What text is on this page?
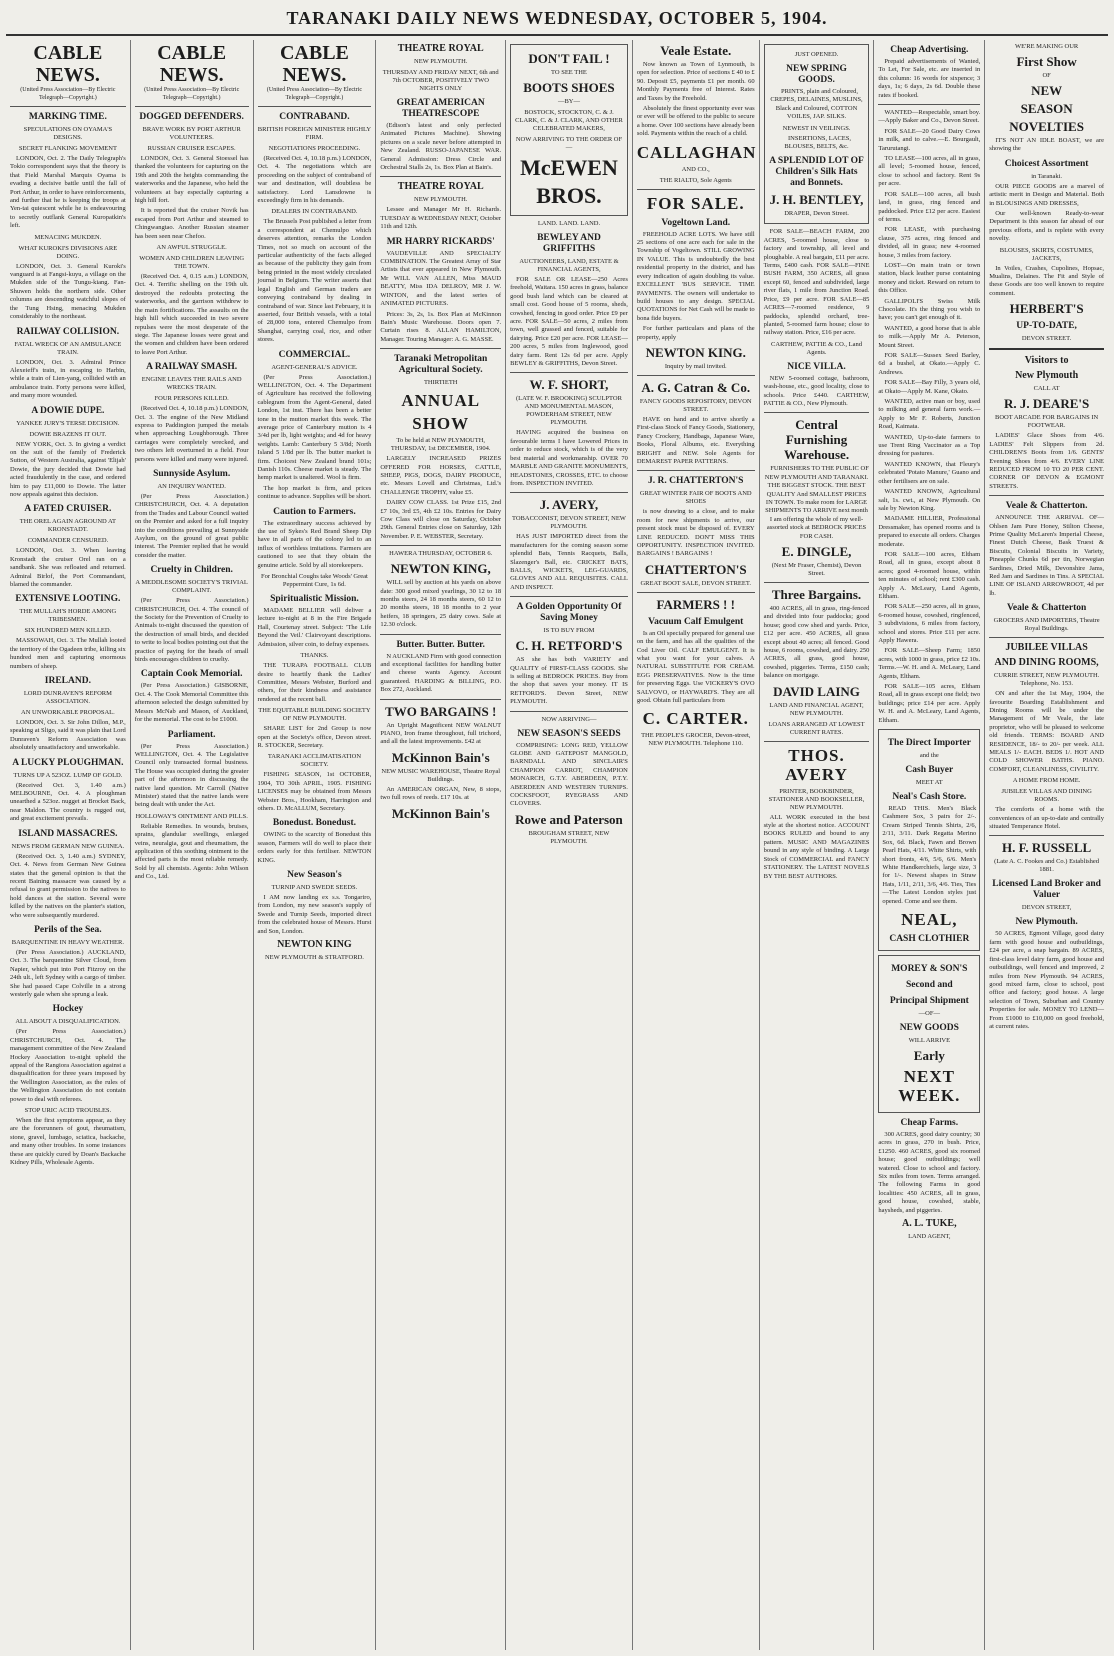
TARANAKI DAILY NEWS WEDNESDAY, OCTOBER 5, 1904.
CABLE NEWS.
(United Press Association—By Electric Telegraph—Copyright.)
MARKING TIME.
SPECULATIONS ON OYAMA'S DESIGNS.
SECRET FLANKING MOVEMENT
LONDON, Oct. 2. The Daily Telegraph's Tokio correspondent says that the theory is that Field Marshal Marquis Oyama is evading a decisive battle until the fall of Port Arthur, in order to have reinforcements, and further that he is keeping the troops at Yen-tai quiescent while he is endeavouring to secretly outflank General Kuropatkin's left.
MENACING MUKDEN.
WHAT KUROKI'S DIVISIONS ARE DOING.
LONDON, Oct. 3. General Kuroki's vanguard is at Fangsi-kuyu, a village on the Mukden side of the Tungu-kiang. Fan-Shuwen holds the northern side. Other columns are descending watchful slopes of the Tung Hsing, menacing Mukden considerably to the northeast.
RAILWAY COLLISION.
FATAL WRECK OF AN AMBULANCE TRAIN.
LONDON, Oct. 3. Admiral Prince Alexeieff's train, in escaping to Harbin, while a train of Lien-yang, collided with an ambulance train. Forty persons were killed, and many more wounded.
A DOWIE DUPE.
YANKEE JURY'S TERSE DECISION.
DOWIE BRAZENS IT OUT.
NEW YORK, Oct. 3. In giving a verdict on the suit of the family of Frederick Sutton, of Western Australia, against 'Elijah' Dowie, the jury decided that Dowie had acted fraudulently in the case, and ordered him to pay £11,000 to Dowie. The latter now appeals against this decision.
A FATED CRUISER.
THE OREL AGAIN AGROUND AT KRONSTADT.
COMMANDER CENSURED.
LONDON, Oct. 3. When leaving Kronstadt the cruiser Orel ran on a sandbank. She was refloated and returned. Admiral Birlof, the Port Commandant, blamed the commander.
EXTENSIVE LOOTING.
THE MULLAH'S HORDE AMONG TRIBESMEN.
SIX HUNDRED MEN KILLED.
MASSOWAH, Oct. 3. The Mullah looted the territory of the Ogadeen tribe, killing six hundred men and capturing enormous numbers of sheep.
IRELAND.
LORD DUNRAVEN'S REFORM ASSOCIATION.
AN UNWORKABLE PROPOSAL.
LONDON, Oct. 3. Sir John Dillon, M.P., speaking at Sligo, said it was plain that Lord Dunraven's Reform Association was absolutely unsatisfactory and unworkable.
A LUCKY PLOUGHMAN.
TURNS UP A 523OZ. LUMP OF GOLD.
(Received Oct. 3, 1.40 a.m.) MELBOURNE, Oct. 4. A ploughman unearthed a 523oz. nugget at Brocket Back, near Maldon. The country is rugged out, and great excitement prevails.
ISLAND MASSACRES.
NEWS FROM GERMAN NEW GUINEA.
(Received Oct. 3, 1.40 a.m.) SYDNEY, Oct. 4. News from German New Guinea states that the general opinion is that the recent Baining massacre was caused by a refusal to grant permission to the natives to hold dances at the station. Several were killed by the natives on the planter's station, who were subsequently murdered.
Perils of the Sea.
BARQUENTINE IN HEAVY WEATHER.
(Per Press Association.) AUCKLAND, Oct. 3. The barquentine Silver Cloud, from Napier, which put into Port Fitzroy on the 24th ult., left Sydney with a cargo of timber. She had passed Cape Colville in a strong westerly gale when she sprung a leak.
Hockey
ALL ABOUT A DISQUALIFICATION.
(Per Press Association.) CHRISTCHURCH, Oct. 4. The management committee of the New Zealand Hockey Association to-night upheld the appeal of the Rangiora Association against a disqualification for three years imposed by the Wellington Association, as the rules of the Wellington Association do not contain power to deal with referees.
STOP URIC ACID TROUBLES.
When the first symptoms appear, as they are the forerunners of gout, rheumatism, stone, gravel, lumbago, sciatica, backache, and many other troubles. In some instances these are quickly cured by Doan's Backache Kidney Pills, Wholesale Agents.
CABLE NEWS.
(United Press Association—By Electric Telegraph—Copyright.)
DOGGED DEFENDERS.
BRAVE WORK BY PORT ARTHUR VOLUNTEERS.
RUSSIAN CRUISER ESCAPES.
LONDON, Oct. 3. General Stoessel has thanked the volunteers for capturing on the 19th and 20th the heights commanding the waterworks and the Japanese, who held the volunteers at bay especially capturing a high hill fort.
It is reported that the cruiser Novik has escaped from Port Arthur and steamed to Chingwangtao. Another Russian steamer has been seen near Chefoo.
AN AWFUL STRUGGLE.
WOMEN AND CHILDREN LEAVING THE TOWN.
(Received Oct. 4, 0.15 a.m.) LONDON, Oct. 4. Terrific shelling on the 19th ult. destroyed the redoubts protecting the waterworks, and the garrison withdrew to the main fortifications. The assaults on the high hill which succeeded in two severe repulses were the most desperate of the siege. The Japanese losses were great and the women and children have been ordered to leave Port Arthur.
A RAILWAY SMASH.
ENGINE LEAVES THE RAILS AND WRECKS TRAIN.
FOUR PERSONS KILLED.
(Received Oct. 4, 10.18 p.m.) LONDON, Oct. 3. The engine of the New Midland express to Paddington jumped the metals when approaching Loughborough. Three carriages were completely wrecked, and two others left overturned in a field. Four persons were killed and many were injured.
Sunnyside Asylum.
AN INQUIRY WANTED.
(Per Press Association.) CHRISTCHURCH, Oct. 4. A deputation from the Trades and Labour Council waited on the Premier and asked for a full inquiry into the conditions prevailing at Sunnyside Asylum, on the ground of great public interest. The Premier replied that he would consider the matter.
Cruelty in Children.
A MEDDLESOME SOCIETY'S TRIVIAL COMPLAINT.
(Per Press Association.) CHRISTCHURCH, Oct. 4. The council of the Society for the Prevention of Cruelty to Animals to-night discussed the question of the destruction of small birds, and decided to write to local bodies pointing out that the practice of paying for the heads of small birds encourages children to cruelty.
Captain Cook Memorial.
(Per Press Association.) GISBORNE, Oct. 4. The Cook Memorial Committee this afternoon selected the design submitted by Messrs McNab and Mason, of Auckland, for the memorial. The cost to be £1000.
Parliament.
(Per Press Association.) WELLINGTON, Oct. 4. The Legislative Council only transacted formal business. The House was occupied during the greater part of the afternoon in discussing the native land question. Mr Carroll (Native Minister) stated that the native lands were being dealt with under the Act.
HOLLOWAY'S OINTMENT AND PILLS.
Reliable Remedies. In wounds, bruises, sprains, glandular swellings, enlarged veins, neuralgia, gout and rheumatism, the application of this soothing ointment to the affected parts is the most reliable remedy. Sold by all chemists. Agents: John Wilson and Co., Ltd.
CABLE NEWS.
(United Press Association—By Electric Telegraph—Copyright.)
CONTRABAND.
BRITISH FOREIGN MINISTER HIGHLY FIRM.
NEGOTIATIONS PROCEEDING.
(Received Oct. 4, 10.18 p.m.) LONDON, Oct. 4. The negotiations which are proceeding on the subject of contraband of war and destination, will doubtless be satisfactory. Lord Lansdowne is exceedingly firm in his demands.
DEALERS IN CONTRABAND.
The Brussels Post published a letter from a correspondent at Chemulpo which deserves attention, remarks the London Times, not so much on account of the particular authenticity of the facts alleged as because of the publicity they gain from being printed in the most widely circulated journal in Belgium. The writer asserts that legal English and German traders are conveying contraband by dealing in contraband of war. Since last February, it is asserted, four British vessels, with a total of 28,000 tons, entered Chemulpo from Shanghai, carrying coal, rice, and other stores.
COMMERCIAL.
AGENT-GENERAL'S ADVICE.
(Per Press Association.) WELLINGTON, Oct. 4. The Department of Agriculture has received the following cablegram from the Agent-General, dated London, 1st inst. There has been a better tone in the mutton market this week. The average price of Canterbury mutton is 4 3/4d per lb, light weights; and 4d for heavy weights. Lamb: Canterbury 5 3/8d; North Island 5 1/8d per lb. The butter market is firm. Choicest New Zealand brand 101s; Danish 110s. Cheese market is steady. The hemp market is unaltered. Wool is firm.
The hop market is firm, and prices continue to advance. Supplies will be short.
Caution to Farmers.
The extraordinary success achieved by the use of Sykes's Red Brand Sheep Dip have in all parts of the colony led to an influx of worthless imitations. Farmers are cautioned to see that they obtain the genuine article. Sold by all storekeepers.
For Bronchial Coughs take Woods' Great Peppermint Cure, 1s 6d.
Spiritualistic Mission.
MADAME BELLIER will deliver a lecture to-night at 8 in the Fire Brigade Hall, Courtenay street. Subject: 'The Life Beyond the Veil.' Clairvoyant descriptions. Admission, silver coin, to defray expenses.
THANKS.
THE TURAPA FOOTBALL CLUB desire to heartily thank the Ladies' Committee, Messrs Webster, Burford and others, for their kindness and assistance rendered at the recent ball.
THE EQUITABLE BUILDING SOCIETY OF NEW PLYMOUTH.
SHARE LIST for 2nd Group is now open at the Society's office, Devon street. R. STOCKER, Secretary.
TARANAKI ACCLIMATISATION SOCIETY.
FISHING SEASON, 1st OCTOBER, 1904, TO 30th APRIL, 1905. FISHING LICENSES may be obtained from Messrs Webster Bros., Hookham, Harrington and others. D. McALLUM, Secretary.
Bonedust. Bonedust.
OWING to the scarcity of Bonedust this season, Farmers will do well to place their orders early for this fertiliser. NEWTON KING.
New Season's
TURNIP AND SWEDE SEEDS.
I AM now landing ex s.s. Tongariro, from London, my new season's supply of Swede and Turnip Seeds, imported direct from the celebrated house of Messrs. Hurst and Son, London.
NEWTON KING
NEW PLYMOUTH & STRATFORD.
THEATRE ROYAL
NEW PLYMOUTH.
THURSDAY AND FRIDAY NEXT, 6th and 7th OCTOBER, POSITIVELY TWO NIGHTS ONLY
GREAT AMERICAN THEATRESCOPE
(Edison's latest and only perfected Animated Pictures Machine). Showing pictures on a scale never before attempted in New Zealand. RUSSO-JAPANESE WAR. General Admission: Dress Circle and Orchestral Stalls 2s, 1s. Box Plan at Bain's.
THEATRE ROYAL
NEW PLYMOUTH.
Lessee and Manager Mr H. Richards. TUESDAY & WEDNESDAY NEXT, October 11th and 12th.
MR HARRY RICKARDS'
VAUDEVILLE AND SPECIALTY COMBINATION. The Greatest Array of Star Artists that ever appeared in New Plymouth. Mr WILL VAN ALLEN, Miss MAUD BEATTY, Miss IDA DELROY, MR J. W. WINTON, and the latest series of ANIMATED PICTURES.
Prices: 3s, 2s, 1s. Box Plan at McKinnon Bain's Music Warehouse. Doors open 7. Curtain rises 8. ALLAN HAMILTON, Manager. Touring Manager: A. G. MASSE.
Taranaki Metropolitan Agricultural Society.
THIRTIETH
ANNUAL
SHOW
To be held at NEW PLYMOUTH, THURSDAY, 1st DECEMBER, 1904.
LARGELY INCREASED PRIZES OFFERED FOR HORSES, CATTLE, SHEEP, PIGS, DOGS, DAIRY PRODUCE, etc. Messrs Lovell and Christmas, Ltd.'s CHALLENGE TROPHY, value £5.
DAIRY COW CLASS. 1st Prize £15, 2nd £7 10s, 3rd £5, 4th £2 10s. Entries for Dairy Cow Class will close on Saturday, October 29th. General Entries close on Saturday, 12th November. P. E. WEBSTER, Secretary.
HAWERA THURSDAY, OCTOBER 6.
NEWTON KING,
WILL sell by auction at his yards on above date: 300 good mixed yearlings, 30 12 to 18 months steers, 24 18 months steers, 60 12 to 20 months steers, 18 18 months to 2 year heifers, 18 springers, 25 dairy cows. Sale at 12.30 o'clock.
Butter. Butter. Butter.
N AUCKLAND Firm with good connection and exceptional facilities for handling butter and cheese wants Agency. Account guaranteed. HARDING & BILLING, P.O. Box 272, Auckland.
TWO BARGAINS !
An Upright Magnificent NEW WALNUT PIANO, Iron frame throughout, full trichord, and all the latest improvements. £42 at
McKinnon Bain's
NEW MUSIC WAREHOUSE, Theatre Royal Buildings.
An AMERICAN ORGAN, New, 8 stops, two full rows of reeds. £17 10s. at
McKinnon Bain's
DON'T FAIL !
TO SEE THE
BOOTS SHOES
—BY—
BOSTOCK, STOCKTON, C. & J. CLARK, C. & J. CLARK, AND OTHER CELEBRATED MAKERS,
NOW ARRIVING TO THE ORDER OF—
McEWEN
BROS.
LAND. LAND. LAND.
BEWLEY AND GRIFFITHS
AUCTIONEERS, LAND, ESTATE & FINANCIAL AGENTS,
FOR SALE OR LEASE—250 Acres freehold, Waitara. 150 acres in grass, balance good bush land which can be cleared at small cost. Good house of 5 rooms, sheds, cowshed, fencing in good order. Price £9 per acre. FOR SALE—50 acres, 2 miles from town, well grassed and fenced, suitable for dairying. Price £20 per acre. FOR LEASE—200 acres, 5 miles from Inglewood, good dairy farm. Rent 12s 6d per acre. Apply BEWLEY & GRIFFITHS, Devon Street.
W. F. SHORT,
(LATE W. F. BROOKING) SCULPTOR AND MONUMENTAL MASON, POWDERHAM STREET, NEW PLYMOUTH.
HAVING acquired the business on favourable terms I have Lowered Prices in order to reduce stock, which is of the very best material and workmanship. OVER 70 MARBLE AND GRANITE MONUMENTS, HEADSTONES, CROSSES, ETC. to choose from. INSPECTION INVITED.
J. AVERY,
TOBACCONIST, DEVON STREET, NEW PLYMOUTH.
HAS JUST IMPORTED direct from the manufacturers for the coming season some splendid Bats, Tennis Racquets, Balls, Slazenger's Ball, etc. CRICKET BATS, BALLS, WICKETS, LEG-GUARDS, GLOVES AND ALL REQUISITES. CALL AND INSPECT.
A Golden Opportunity Of Saving Money
IS TO BUY FROM
C. H. RETFORD'S
AS she has both VARIETY and QUALITY of FIRST-CLASS GOODS. She is selling at BEDROCK PRICES. Buy from the shop that saves your money. IT IS RETFORD'S. Devon Street, NEW PLYMOUTH.
NOW ARRIVING—
NEW SEASON'S SEEDS
COMPRISING: LONG RED, YELLOW GLOBE AND GATEPOST MANGOLD, BARNDALL AND SINCLAIR'S CHAMPION CARROT, CHAMPION MONARCH, G.T.Y. ABERDEEN, P.T.Y. ABERDEEN AND WESTERN TURNIPS. COCKSFOOT, RYEGRASS AND CLOVERS.
Rowe and Paterson
BROUGHAM STREET, NEW PLYMOUTH.
Veale Estate.
Now known as Town of Lynmouth, is open for selection. Price of sections £ 40 to £ 90. Deposit £5, payments £1 per month. 60 Monthly Payments free of Interest. Rates and Taxes by the Freehold.
Absolutely the finest opportunity ever was or ever will be offered to the public to secure a home. Over 100 sections have already been sold. Payments within the reach of a child.
CALLAGHAN
AND CO.,
THE RIALTO, Sole Agents
FOR SALE.
Vogeltown Land.
FREEHOLD ACRE LOTS. We have still 25 sections of one acre each for sale in the Township of Vogeltown. STILL GROWING IN VALUE. This is undoubtedly the best residential property in the district, and has every indication of again doubling its value. EXCELLENT 'BUS SERVICE. TIME PAYMENTS. The owners will undertake to build houses to any design. SPECIAL QUOTATIONS for Net Cash will be made to bona fide buyers.
For further particulars and plans of the property, apply
NEWTON KING.
Inquiry by mail invited.
A. G. Catran & Co.
FANCY GOODS REPOSITORY, DEVON STREET.
HAVE on hand and to arrive shortly a First-class Stock of Fancy Goods, Stationery, Fancy Crockery, Handbags, Japanese Ware, Books, Floral Albums, etc. Everything BRIGHT and NEW. Sole Agents for DEMAREST PAPER PATTERNS.
J. R. CHATTERTON'S
GREAT WINTER FAIR OF BOOTS AND SHOES
is now drawing to a close, and to make room for new shipments to arrive, our present stock must be disposed of. EVERY LINE REDUCED. DON'T MISS THIS OPPORTUNITY. INSPECTION INVITED. BARGAINS ! BARGAINS !
CHATTERTON'S
GREAT BOOT SALE, DEVON STREET.
FARMERS ! !
Vacuum Calf Emulgent
Is an Oil specially prepared for general use on the farm, and has all the qualities of the Cod Liver Oil. CALF EMULGENT. It is what you want for your calves. A NATURAL SUBSTITUTE FOR CREAM. EGG PRESERVATIVES. Now is the time for preserving Eggs. Use VICKERY'S OVO SALVOVO, or HAYWARD'S. They are all good. Obtain full particulars from
C. CARTER.
THE PEOPLE'S GROCER, Devon-street, NEW PLYMOUTH. Telephone 110.
JUST OPENED.
NEW SPRING GOODS.
PRINTS, plain and Coloured, CREPES, DELAINES, MUSLINS, Black and Coloured, COTTON VOILES, JAP. SILKS.
NEWEST IN VEILINGS.
INSERTIONS, LACES, BLOUSES, BELTS, &c.
A SPLENDID LOT OF Children's Silk Hats and Bonnets.
J. H. BENTLEY,
DRAPER, Devon Street.
FOR SALE—BEACH FARM, 200 ACRES, 5-roomed house, close to factory and township, all level and ploughable. A real bargain, £11 per acre. Terms, £400 cash. FOR SALE—FINE BUSH FARM, 350 ACRES, all grass except 60, fenced and subdivided, large river flats, 1 mile from Junction Road. Price, £9 per acre. FOR SALE—85 ACRES—7-roomed residence, 9 paddocks, splendid orchard, tree-planted, 5-roomed farm house; close to railway station. Price, £16 per acre.
CARTHEW, PATTIE & CO., Land Agents.
NICE VILLA.
NEW 5-roomed cottage, bathroom, wash-house, etc., good locality, close to schools. Price £440. CARTHEW, PATTIE & CO., New Plymouth.
Central Furnishing Warehouse.
FURNISHERS TO THE PUBLIC OF NEW PLYMOUTH AND TARANAKI. THE BIGGEST STOCK. THE BEST QUALITY And SMALLEST PRICES IN TOWN. To make room for LARGE SHIPMENTS TO ARRIVE next month I am offering the whole of my well-assorted stock at BEDROCK PRICES FOR CASH.
E. DINGLE,
(Next Mr Fraser, Chemist), Devon Street.
Three Bargains.
400 ACRES, all in grass, ring-fenced and divided into four paddocks; good house; good cow shed and yards. Price, £12 per acre. 450 ACRES, all grass except about 40 acres; all fenced. Good house, 6 rooms, cowshed, and dairy. 250 ACRES, all grass, good house, cowshed, piggeries. Terms, £150 cash; balance on mortgage.
DAVID LAING
LAND AND FINANCIAL AGENT, NEW PLYMOUTH.
LOANS ARRANGED AT LOWEST CURRENT RATES.
THOS. AVERY
PRINTER, BOOKBINDER, STATIONER AND BOOKSELLER, NEW PLYMOUTH.
ALL WORK executed in the best style at the shortest notice. ACCOUNT BOOKS RULED and bound to any pattern. MUSIC AND MAGAZINES bound in any style of binding. A Large Stock of COMMERCIAL and FANCY STATIONERY. The LATEST NOVELS BY THE BEST AUTHORS.
Cheap Advertising.
Prepaid advertisements of Wanted, To Let, For Sale, etc. are inserted in this column: 16 words for sixpence; 3 days, 1s; 6 days, 2s 6d. Double these rates if booked.
WANTED—Respectable, smart boy.—Apply Baker and Co., Devon Street.
FOR SALE—20 Good Dairy Cows in milk, and to calve.—E. Bourgault, Tarurutangi.
TO LEASE—100 acres, all in grass, all level; 5-roomed house, fenced, close to school and factory. Rent 9s per acre.
FOR SALE—100 acres, all bush land, in grass, ring fenced and paddocked. Price £12 per acre. Easiest of terms.
FOR LEASE, with purchasing clause, 375 acres, ring fenced and divided, all in grass; new 4-roomed house, 3 miles from factory.
LOST—On main train or town station, black leather purse containing money and ticket. Reward on return to this Office.
GALLIPOLI'S Swiss Milk Chocolate. It's the thing you wish to have; you can't get enough of it.
WANTED, a good horse that is able to milk.—Apply Mr A. Peterson, Mount Street.
FOR SALE—Sussex Seed Barley, 6d a bushel, at Okato.—Apply C. Andrews.
FOR SALE—Bay Filly, 3 years old, at Okato—Apply M. Kane, Okato.
WANTED, active man or boy, used to milking and general farm work.—Apply to Mr F. Roberts, Junction Road, Kaimata.
WANTED, Up-to-date farmers to use Trent Ring Vaccinator as a Top dressing for pastures.
WANTED KNOWN, that Fleury's celebrated 'Potato Manure,' Guano and other fertilisers are on sale.
WANTED KNOWN, Agricultural salt, 1s. cwt., at New Plymouth. On sale by Newton King.
MADAME HILLIER, Professional Dressmaker, has opened rooms and is prepared to execute all orders. Charges moderate.
FOR SALE—100 acres, Eltham Road, all in grass, except about 8 acres; good 4-roomed house, within ten minutes of school; rent £300 cash. Apply A. McLeary, Land Agents, Eltham.
FOR SALE—250 acres, all in grass, 6-roomed house, cowshed, ringfenced, 3 subdivisions, 6 miles from factory, school and stores. Price £11 per acre. Apply Hawera.
FOR SALE—Sheep Farm; 1850 acres, with 1000 in grass, price £2 10s. Terms.—W. H. and A. McLeary, Land Agents, Eltham.
FOR SALE—105 acres, Eltham Road, all in grass except one field; two buildings; price £14 per acre. Apply W. H. and A. McLeary, Land Agents, Eltham.
The Direct Importer
and the
Cash Buyer
MEET AT
Neal's Cash Store.
READ THIS. Men's Black Cashmere Sox, 3 pairs for 2/-. Cream Striped Tennis Shirts, 2/6, 2/11, 3/11. Dark Regatta Merino Sox, 6d. Black, Fawn and Brown Pearl Hats, 4/11. White Shirts, with short fronts, 4/6, 5/6, 6/6. Men's White Handkerchiefs, large size, 3 for 1/-. Newest shapes in Straw Hats, 1/11, 2/11, 3/6, 4/6. Ties, Ties—The Latest London styles just opened. Come and see them.
NEAL,
CASH CLOTHIER
MOREY & SON'S
Second and
Principal Shipment
—OF—
NEW GOODS
WILL ARRIVE
Early
NEXT WEEK.
Cheap Farms.
300 ACRES, good dairy country; 30 acres in grass, 270 in bush. Price, £1250. 460 ACRES, good six roomed house; good outbuildings; well watered. Close to school and factory. Six miles from town. Terms arranged. The following Farms in good localities: 450 ACRES, all in grass, good house, cowshed, stable, haysheds, and piggeries.
A. L. TUKE,
LAND AGENT,
WE'RE MAKING OUR
First Show
OF
NEW
SEASON
NOVELTIES
IT'S NOT AN IDLE BOAST, we are showing the
Choicest Assortment
in Taranaki.
OUR PIECE GOODS are a marvel of artistic merit in Design and Material. Both in BLOUSINGS AND DRESSES,
Our well-known Ready-to-wear Department is this season far ahead of our previous efforts, and is replete with every novelty.
BLOUSES, SKIRTS, COSTUMES, JACKETS,
In Voiles, Crashes, Cupolines, Hopsac, Mualins, Delaines. The Fit and Style of these Goods are too well known to require comment.
HERBERT'S
UP-TO-DATE,
DEVON STREET.
Visitors to
New Plymouth
CALL AT
R. J. DEARE'S
BOOT ARCADE FOR BARGAINS IN FOOTWEAR.
LADIES' Glace Shoes from 4/6. LADIES' Felt Slippers from 2d. CHILDREN'S Boots from 1/6. GENTS' Evening Shoes from 4/6. EVERY LINE REDUCED FROM 10 TO 20 PER CENT. CORNER OF DEVON & EGMONT STREETS.
Veale & Chatterton.
ANNOUNCE THE ARRIVAL OF—Ohlsen Jam Pure Honey, Stilton Cheese, Prime Quality McLaren's Imperial Cheese, Finest Dutch Cheese, Bask Truest & Biscuits, Colonial Biscuits in Variety, Pineapple Chunks 6d per tin, Norwegian Sardines, Dried Milk, Devonshire Jams, Red Jam and Sardines in Tins. A SPECIAL LINE OF ISLAND ARROWROOT, 4d per lb.
Veale & Chatterton
GROCERS AND IMPORTERS, Theatre Royal Buildings.
JUBILEE VILLAS
AND DINING ROOMS,
CURRIE STREET, NEW PLYMOUTH. Telephone, No. 153.
ON and after the 1st May, 1904, the favourite Boarding Establishment and Dining Rooms will be under the Management of Mr Veale, the late proprietor, who will be pleased to welcome old friends. TERMS: BOARD AND RESIDENCE, 18/- to 20/- per week. ALL MEALS 1/- EACH. BEDS 1/. HOT AND COLD SHOWER BATHS. PIANO. COMFORT, CLEANLINESS, CIVILITY.
A HOME FROM HOME.
JUBILEE VILLAS AND DINING ROOMS.
The comforts of a home with the conveniences of an up-to-date and centrally situated Temperance Hotel.
H. F. RUSSELL
(Late A. C. Fookes and Co.) Established 1881.
Licensed Land Broker and Valuer
DEVON STREET,
New Plymouth.
50 ACRES, Egmont Village, good dairy farm with good house and outbuildings, £24 per acre, a snap bargain. 89 ACRES, first-class level dairy farm, good house and outbuildings, well fenced and improved, 2 miles from New Plymouth. 94 ACRES, good mixed farm, close to school, post office and factory; good house. A large selection of Town, Suburban and Country Properties for sale. MONEY TO LEND—From £1000 to £10,000 on good freehold, at current rates.
